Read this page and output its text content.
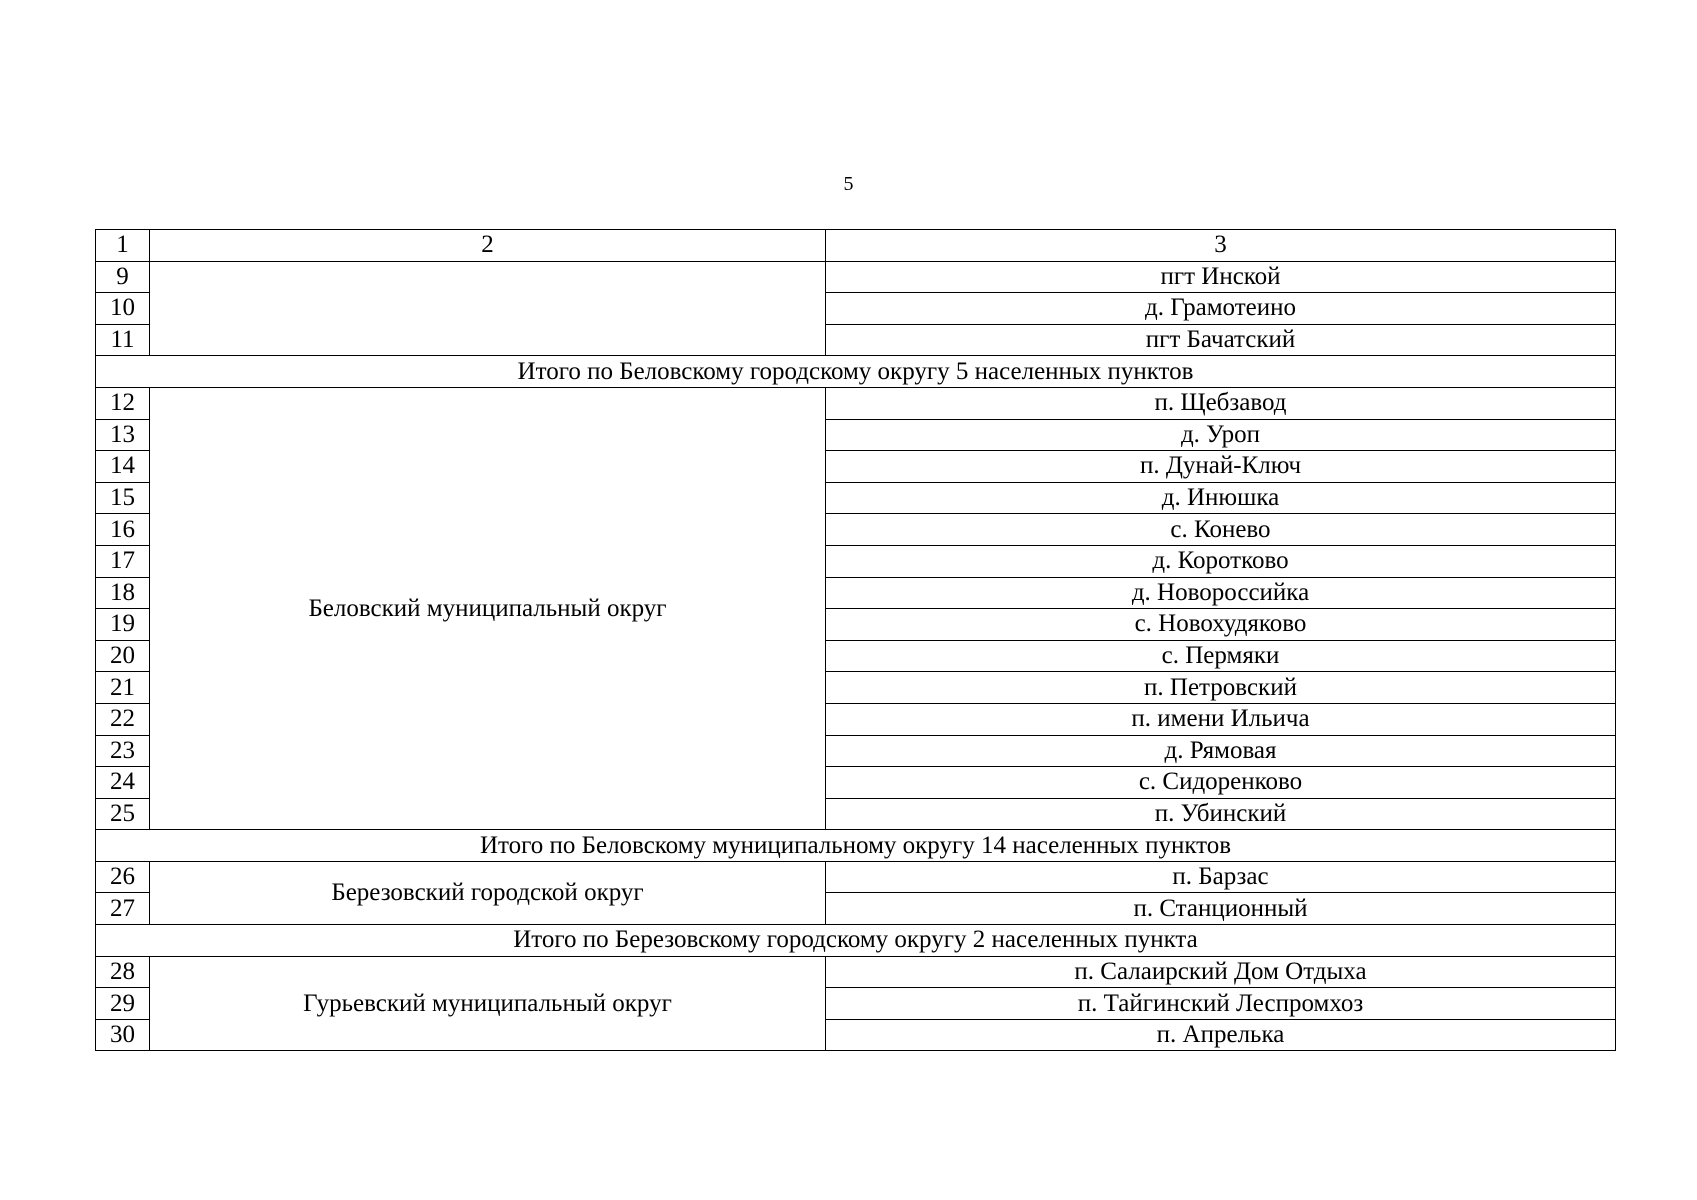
5
1	2	3
9		пгт Инской
10		д. Грамотеино
11		пгт Бачатский
Итого по Беловскому городскому округу 5 населенных пунктов		
12	Беловский муниципальный округ	п. Щебзавод
13		д. Уроп
14		п. Дунай-Ключ
15		д. Инюшка
16		с. Конево
17		д. Коротково
18		д. Новороссийка
19		с. Новохудяково
20		с. Пермяки
21		п. Петровский
22		п. имени Ильича
23		д. Рямовая
24		с. Сидоренково
25		п. Убинский
Итого по Беловскому муниципальному округу 14 населенных пунктов		
26	Березовский городской округ	п. Барзас
27		п. Станционный
Итого по Березовскому городскому округу 2 населенных пункта		
28	Гурьевский муниципальный округ	п. Салаирский Дом Отдыха
29		п. Тайгинский Леспромхоз
30		п. Апрелька
